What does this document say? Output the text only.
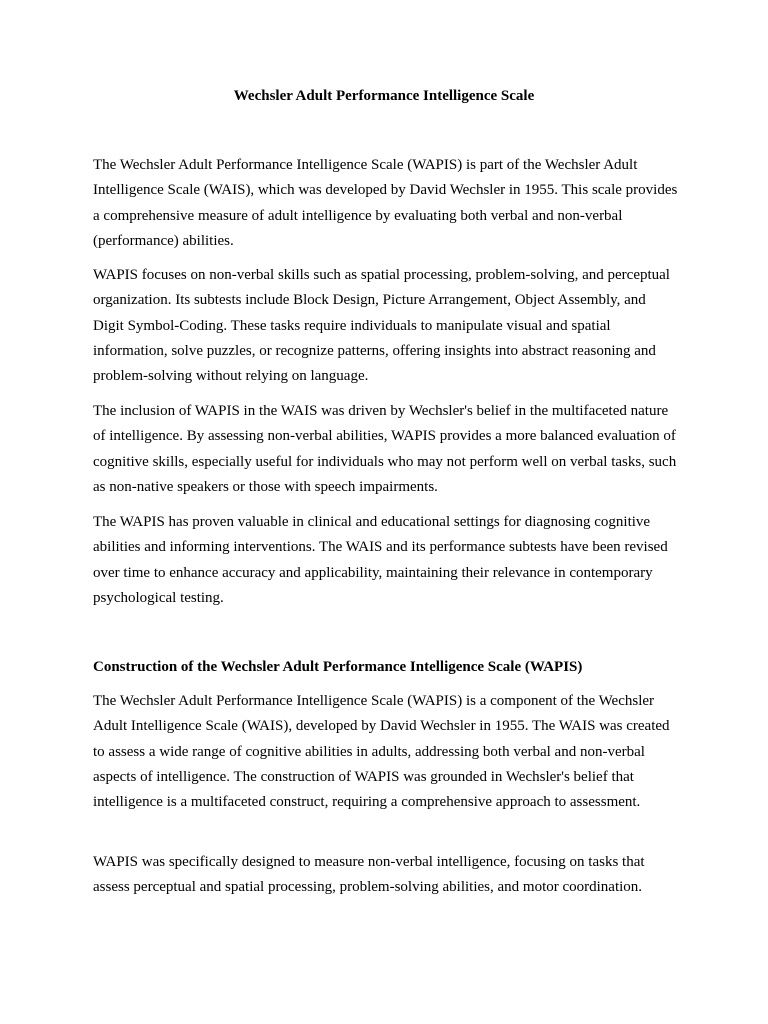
Wechsler Adult Performance Intelligence Scale

The Wechsler Adult Performance Intelligence Scale (WAPIS) is part of the Wechsler Adult Intelligence Scale (WAIS), which was developed by David Wechsler in 1955. This scale provides a comprehensive measure of adult intelligence by evaluating both verbal and non-verbal (performance) abilities.

WAPIS focuses on non-verbal skills such as spatial processing, problem-solving, and perceptual organization. Its subtests include Block Design, Picture Arrangement, Object Assembly, and Digit Symbol-Coding. These tasks require individuals to manipulate visual and spatial information, solve puzzles, or recognize patterns, offering insights into abstract reasoning and problem-solving without relying on language.

The inclusion of WAPIS in the WAIS was driven by Wechsler's belief in the multifaceted nature of intelligence. By assessing non-verbal abilities, WAPIS provides a more balanced evaluation of cognitive skills, especially useful for individuals who may not perform well on verbal tasks, such as non-native speakers or those with speech impairments.

The WAPIS has proven valuable in clinical and educational settings for diagnosing cognitive abilities and informing interventions. The WAIS and its performance subtests have been revised over time to enhance accuracy and applicability, maintaining their relevance in contemporary psychological testing.

Construction of the Wechsler Adult Performance Intelligence Scale (WAPIS)

The Wechsler Adult Performance Intelligence Scale (WAPIS) is a component of the Wechsler Adult Intelligence Scale (WAIS), developed by David Wechsler in 1955. The WAIS was created to assess a wide range of cognitive abilities in adults, addressing both verbal and non-verbal aspects of intelligence. The construction of WAPIS was grounded in Wechsler's belief that intelligence is a multifaceted construct, requiring a comprehensive approach to assessment.

WAPIS was specifically designed to measure non-verbal intelligence, focusing on tasks that assess perceptual and spatial processing, problem-solving abilities, and motor coordination.
